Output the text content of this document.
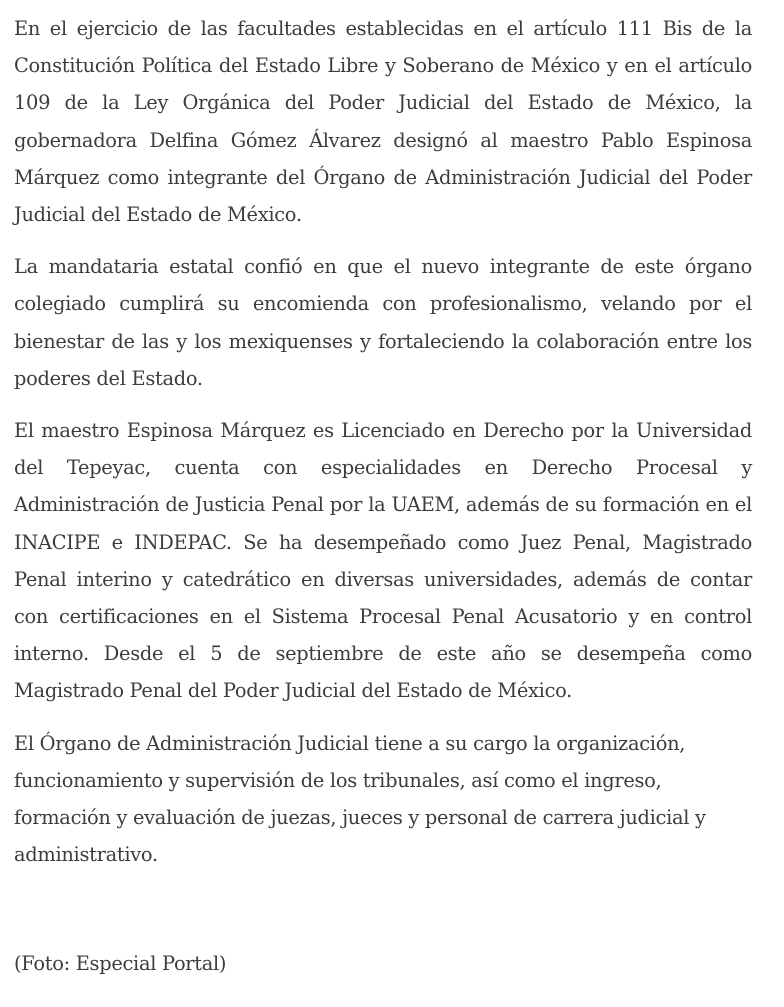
En el ejercicio de las facultades establecidas en el artículo 111 Bis de la Constitución Política del Estado Libre y Soberano de México y en el artículo 109 de la Ley Orgánica del Poder Judicial del Estado de México, la gobernadora Delfina Gómez Álvarez designó al maestro Pablo Espinosa Márquez como integrante del Órgano de Administración Judicial del Poder Judicial del Estado de México.

La mandataria estatal confió en que el nuevo integrante de este órgano colegiado cumplirá su encomienda con profesionalismo, velando por el bienestar de las y los mexiquenses y fortaleciendo la colaboración entre los poderes del Estado.

El maestro Espinosa Márquez es Licenciado en Derecho por la Universidad del Tepeyac, cuenta con especialidades en Derecho Procesal y Administración de Justicia Penal por la UAEM, además de su formación en el INACIPE e INDEPAC. Se ha desempeñado como Juez Penal, Magistrado Penal interino y catedrático en diversas universidades, además de contar con certificaciones en el Sistema Procesal Penal Acusatorio y en control interno. Desde el 5 de septiembre de este año se desempeña como Magistrado Penal del Poder Judicial del Estado de México.

El Órgano de Administración Judicial tiene a su cargo la organización, funcionamiento y supervisión de los tribunales, así como el ingreso, formación y evaluación de juezas, jueces y personal de carrera judicial y administrativo.

(Foto: Especial Portal)
